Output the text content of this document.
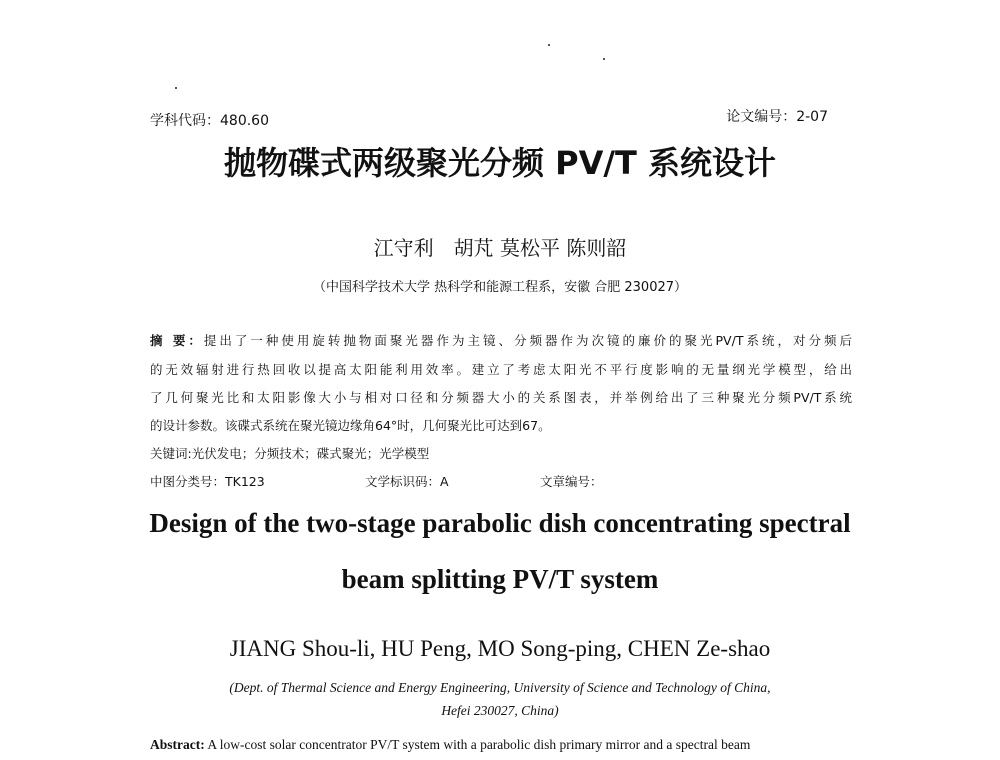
学科代码：480.60	论文编号：2-07
抛物碟式两级聚光分频 PV/T 系统设计
江守利　胡芃 莫松平 陈则韶
（中国科学技术大学 热科学和能源工程系，安徽 合肥 230027）
摘 要：提出了一种使用旋转抛物面聚光器作为主镜、分频器作为次镜的廉价的聚光PV/T系统，对分频后
的无效辐射进行热回收以提高太阳能利用效率。建立了考虑太阳光不平行度影响的无量纲光学模型，给出
了几何聚光比和太阳影像大小与相对口径和分频器大小的关系图表，并举例给出了三种聚光分频PV/T系统
的设计参数。该碟式系统在聚光镜边缘角64°时，几何聚光比可达到67。
关键词:光伏发电；分频技术；碟式聚光；光学模型
中图分类号：TK123	文学标识码：A	文章编号：
Design of the two-stage parabolic dish concentrating spectral
beam splitting PV/T system
JIANG Shou-li, HU Peng, MO Song-ping, CHEN Ze-shao
(Dept. of Thermal Science and Energy Engineering, University of Science and Technology of China,
Hefei 230027, China)
Abstract: A low-cost solar concentrator PV/T system with a parabolic dish primary mirror and a spectral beam
